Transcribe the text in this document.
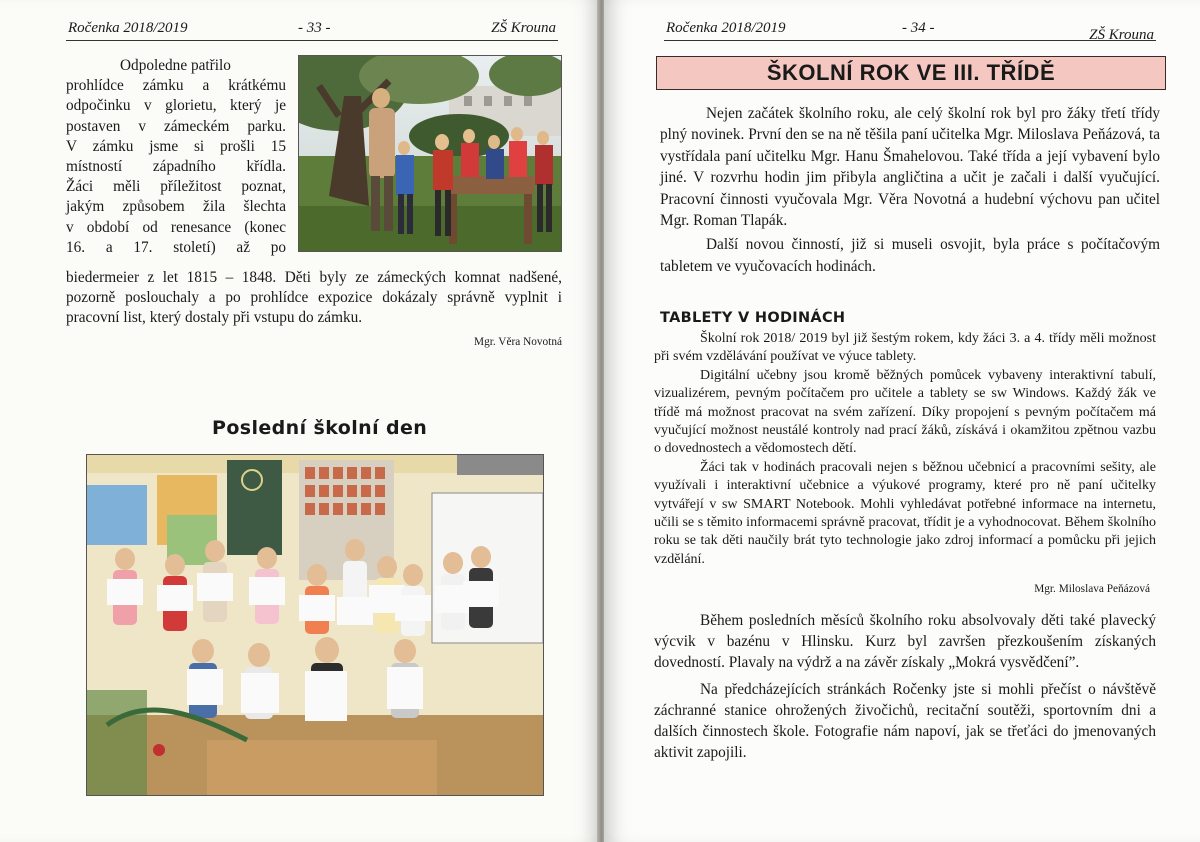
Ročenka 2018/2019	- 33 -	ZŠ Krouna

Odpoledne patřilo

prohlídce zámku a krátkému

odpočinku v glorietu, který je

postaven v zámeckém parku.

V zámku jsme si prošli 15

místností západního křídla.

Žáci měli příležitost poznat,

jakým způsobem žila šlechta

v období od renesance (konec

16. a 17. století) až po

biedermeier z let 1815 – 1848. Děti byly ze zámeckých komnat nadšené, pozorně poslouchaly a po prohlídce expozice dokázaly správně vyplnit i pracovní list, který dostaly při vstupu do zámku.
Mgr. Věra Novotná
Poslední školní den
Ročenka 2018/2019	- 34 -	ZŠ Krouna
ŠKOLNÍ ROK VE III. TŘÍDĚ

Nejen začátek školního roku, ale celý školní rok byl pro žáky třetí třídy plný novinek. První den se na ně těšila paní učitelka Mgr. Miloslava Peňázová, ta vystřídala paní učitelku Mgr. Hanu Šmahelovou. Také třída a její vybavení bylo jiné. V rozvrhu hodin jim přibyla angličtina a učit je začali i další vyučující. Pracovní činnosti vyučovala Mgr. Věra Novotná a hudební výchovu pan učitel Mgr. Roman Tlapák.

Další novou činností, již si museli osvojit, byla práce s počítačovým tabletem ve vyučovacích hodinách.

TABLETY V HODINÁCH

Školní rok 2018/ 2019 byl již šestým rokem, kdy žáci 3. a 4. třídy měli možnost při svém vzdělávání používat ve výuce tablety.

Digitální učebny jsou kromě běžných pomůcek vybaveny interaktivní tabulí, vizualizérem, pevným počítačem pro učitele a tablety se sw Windows. Každý žák ve třídě má možnost pracovat na svém zařízení. Díky propojení s pevným počítačem má vyučující možnost neustálé kontroly nad prací žáků, získává i okamžitou zpětnou vazbu o dovednostech a vědomostech dětí.

Žáci tak v hodinách pracovali nejen s běžnou učebnicí a pracovními sešity, ale využívali i interaktivní učebnice a výukové programy, které pro ně paní učitelky vytvářejí v sw SMART Notebook. Mohli vyhledávat potřebné informace na internetu, učili se s těmito informacemi správně pracovat, třídit je a vyhodnocovat. Během školního roku se tak děti naučily brát tyto technologie jako zdroj informací a pomůcku při jejich vzdělání.

Mgr. Miloslava Peňázová

Během posledních měsíců školního roku absolvovaly děti také plavecký výcvik v bazénu v Hlinsku. Kurz byl završen přezkoušením získaných dovedností. Plavaly na výdrž a na závěr získaly „Mokrá vysvědčení”.

Na předcházejících stránkách Ročenky jste si mohli přečíst o návštěvě záchranné stanice ohrožených živočichů, recitační soutěži, sportovním dni a dalších činnostech škole. Fotografie nám napoví, jak se třeťáci do jmenovaných aktivit zapojili.
